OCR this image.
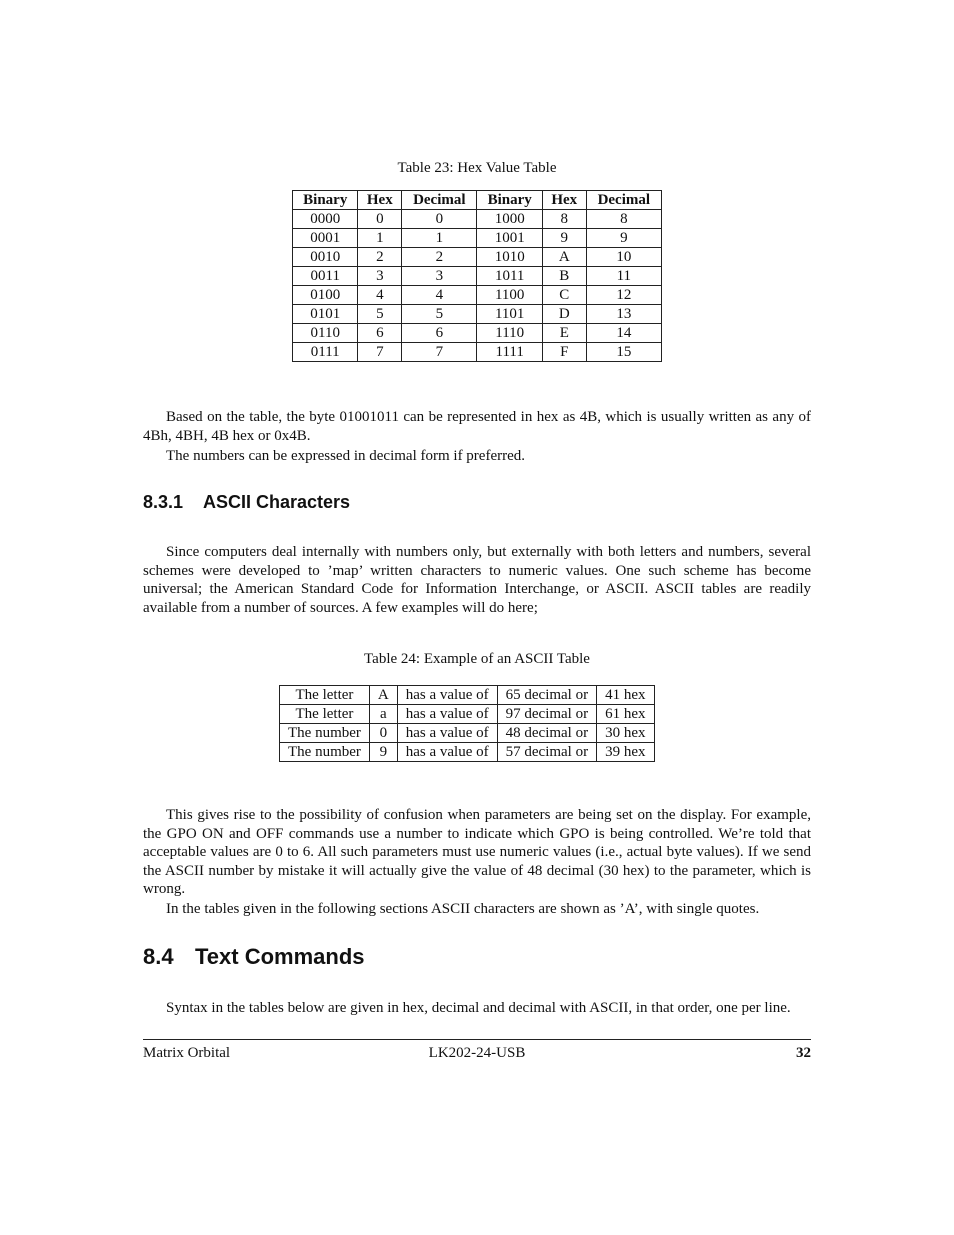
Table 23: Hex Value Table
Binary	Hex	Decimal	Binary	Hex	Decimal
0000	0	0	1000	8	8
0001	1	1	1001	9	9
0010	2	2	1010	A	10
0011	3	3	1011	B	11
0100	4	4	1100	C	12
0101	5	5	1101	D	13
0110	6	6	1110	E	14
0111	7	7	1111	F	15
Based on the table, the byte 01001011 can be represented in hex as 4B, which is usually written as any of 4Bh, 4BH, 4B hex or 0x4B.
The numbers can be expressed in decimal form if preferred.
8.3.1 ASCII Characters
Since computers deal internally with numbers only, but externally with both letters and numbers, several schemes were developed to ’map’ written characters to numeric values. One such scheme has become universal; the American Standard Code for Information Interchange, or ASCII. ASCII tables are readily available from a number of sources. A few examples will do here;
Table 24: Example of an ASCII Table
The letter	A	has a value of	65 decimal or	41 hex
The letter	a	has a value of	97 decimal or	61 hex
The number	0	has a value of	48 decimal or	30 hex
The number	9	has a value of	57 decimal or	39 hex
This gives rise to the possibility of confusion when parameters are being set on the display. For example, the GPO ON and OFF commands use a number to indicate which GPO is being controlled. We’re told that acceptable values are 0 to 6. All such parameters must use numeric values (i.e., actual byte values). If we send the ASCII number by mistake it will actually give the value of 48 decimal (30 hex) to the parameter, which is wrong.
In the tables given in the following sections ASCII characters are shown as ’A’, with single quotes.
8.4 Text Commands
Syntax in the tables below are given in hex, decimal and decimal with ASCII, in that order, one per line.
Matrix Orbital	LK202-24-USB	32
